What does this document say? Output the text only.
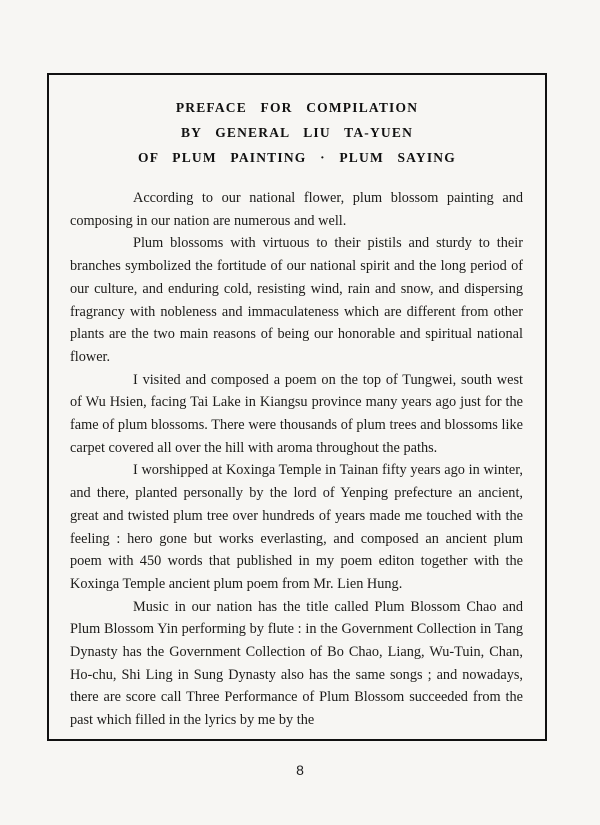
PREFACE FOR COMPILATION
BY GENERAL LIU TA-YUEN
OF PLUM PAINTING · PLUM SAYING

According to our national flower, plum blossom painting and composing in our nation are numerous and well.

Plum blossoms with virtuous to their pistils and sturdy to their branches symbolized the fortitude of our national spirit and the long period of our culture, and enduring cold, resisting wind, rain and snow, and dispersing fragrancy with nobleness and immaculateness which are different from other plants are the two main reasons of being our honorable and spiritual national flower.

I visited and composed a poem on the top of Tungwei, south west of Wu Hsien, facing Tai Lake in Kiangsu province many years ago just for the fame of plum blossoms. There were thousands of plum trees and blossoms like carpet covered all over the hill with aroma throughout the paths.

I worshipped at Koxinga Temple in Tainan fifty years ago in winter, and there, planted personally by the lord of Yenping prefecture an ancient, great and twisted plum tree over hundreds of years made me touched with the feeling : hero gone but works everlasting, and composed an ancient plum poem with 450 words that published in my poem editon together with the Koxinga Temple ancient plum poem from Mr. Lien Hung.

Music in our nation has the title called Plum Blossom Chao and Plum Blossom Yin performing by flute : in the Government Collection in Tang Dynasty has the Government Collection of Bo Chao, Liang, Wu-Tuin, Chan, Ho-chu, Shi Ling in Sung Dynasty also has the same songs ; and nowadays, there are score call Three Performance of Plum Blossom succeeded from the past which filled in the lyrics by me by the

8
